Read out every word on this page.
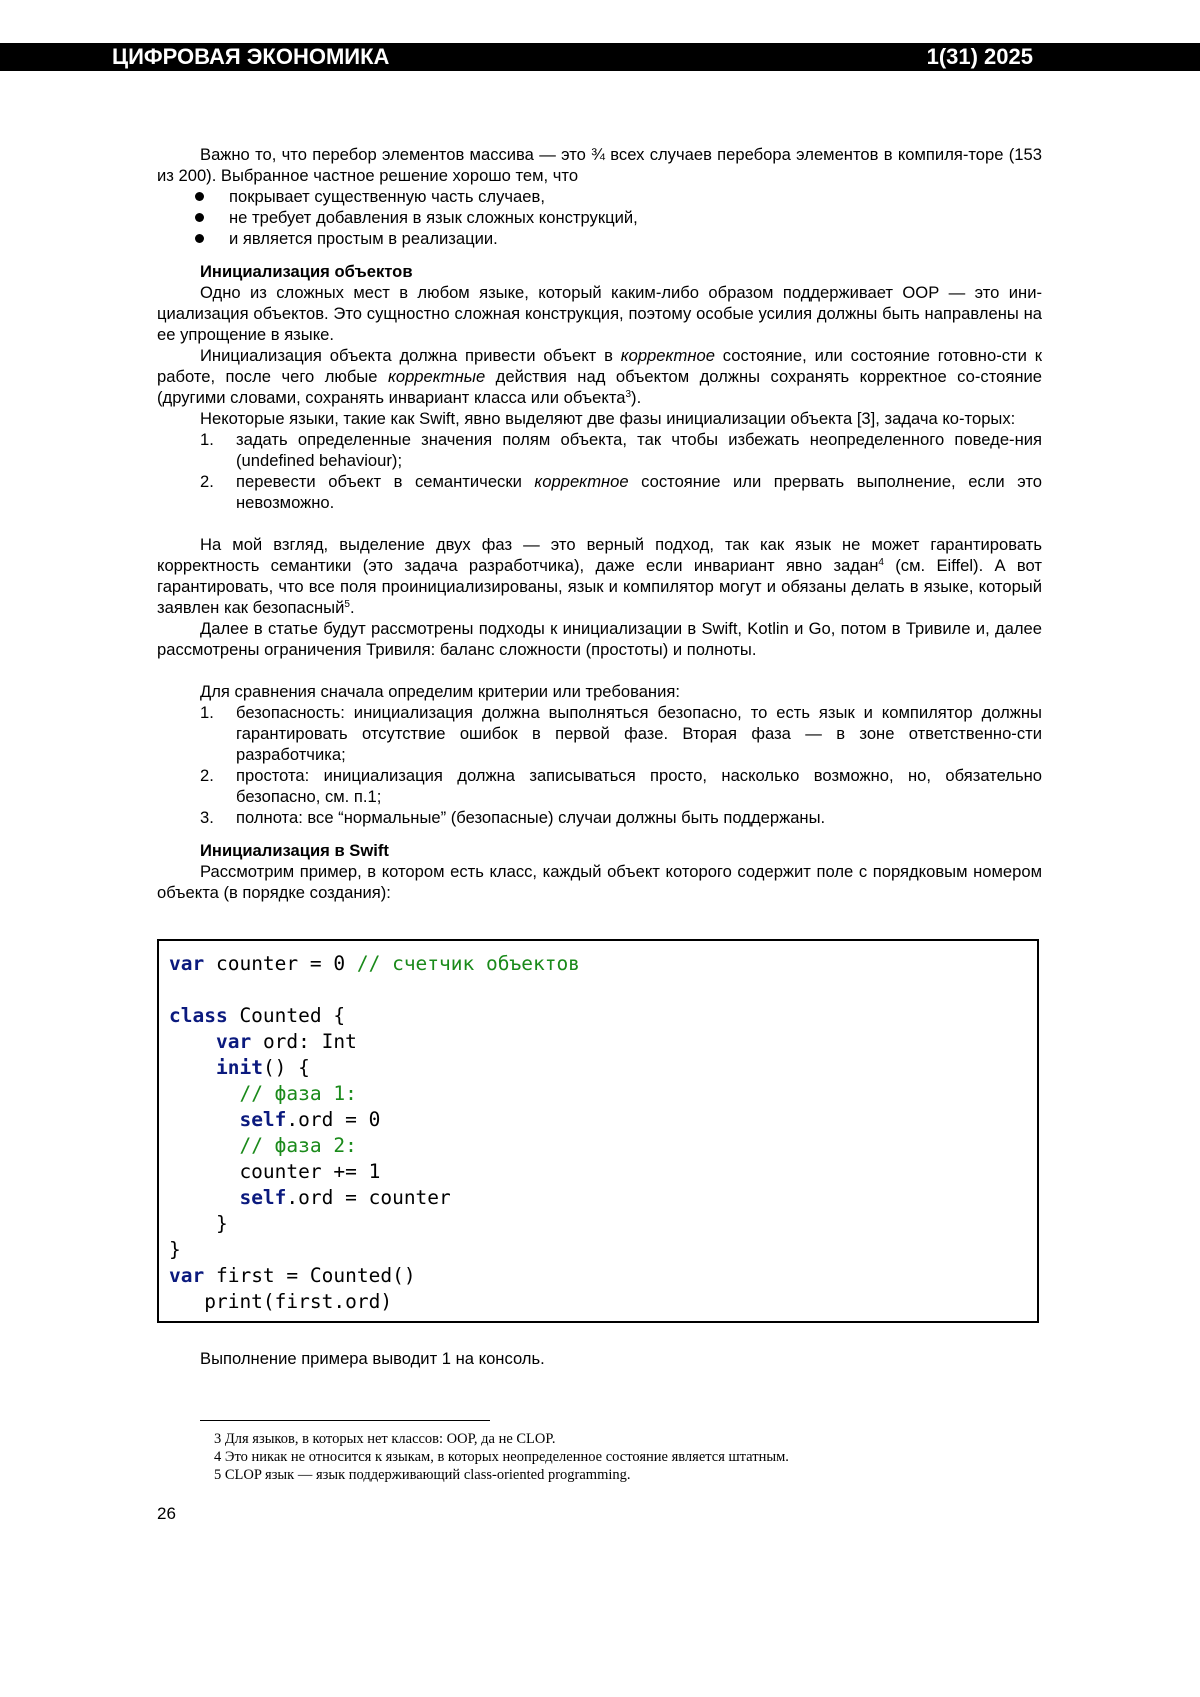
ЦИФРОВАЯ ЭКОНОМИКА	1(31) 2025

Важно то, что перебор элементов массива — это ¾ всех случаев перебора элементов в компиля-тоpе (153 из 200). Выбранное частное решение хорошо тем, что

покрывает существенную часть случаев,
не требует добавления в язык сложных конструкций,
и является простым в реализации.
Инициализация объектов

Одно из сложных мест в любом языке, который каким-либо образом поддерживает ООР — это ини-циализация объектов. Это сущностно сложная конструкция, поэтому особые усилия должны быть направлены на ее упрощение в языке.

Инициализация объекта должна привести объект в корректное состояние, или состояние готовно-сти к работе, после чего любые корректные действия над объектом должны сохранять корректное со-стояние (другими словами, сохранять инвариант класса или объекта$^3$).

Некоторые языки, такие как Swift, явно выделяют две фазы инициализации объекта [3], задача ко-торых:

1. задать определенные значения полям объекта, так чтобы избежать неопределенного поведе-ния (undefined behaviour);
2. перевести объект в семантически корректное состояние или прервать выполнение, если это невозможно.

На мой взгляд, выделение двух фаз — это верный подход, так как язык не может гарантировать корректность семантики (это задача разработчика), даже если инвариант явно задан$^4$ (см. Eiffel). А вот гарантировать, что все поля проинициализированы, язык и компилятор могут и обязаны делать в языке, который заявлен как безопасный$^5$.

Далее в статье будут рассмотрены подходы к инициализации в Swift, Kotlin и Go, потом в Тривиле и, далее рассмотрены ограничения Тривиля: баланс сложности (простоты) и полноты.

Для сравнения сначала определим критерии или требования:

1. безопасность: инициализация должна выполняться безопасно, то есть язык и компилятор должны гарантировать отсутствие ошибок в первой фазе. Вторая фаза — в зоне ответственно-сти разработчика;
2. простота: инициализация должна записываться просто, насколько возможно, но, обязательно безопасно, см. п.1;
3. полнота: все “нормальные” (безопасные) случаи должны быть поддержаны.
Инициализация в Swift

Рассмотрим пример, в котором есть класс, каждый объект которого содержит поле с порядковым номером объекта (в порядке создания):

var counter = 0 // счетчик объектов
class Counted {
var ord: Int
init() {
// фаза 1:
self.ord = 0
// фаза 2:
counter += 1
self.ord = counter
}
}
var first = Counted()
print(first.ord)
Выполнение примера выводит 1 на консоль.
3 Для языков, в которых нет классов: ООР, да не CLOP.
4 Это никак не относится к языкам, в которых неопределенное состояние является штатным.
5 CLOP язык — язык поддерживающий class-oriented programming.
26
